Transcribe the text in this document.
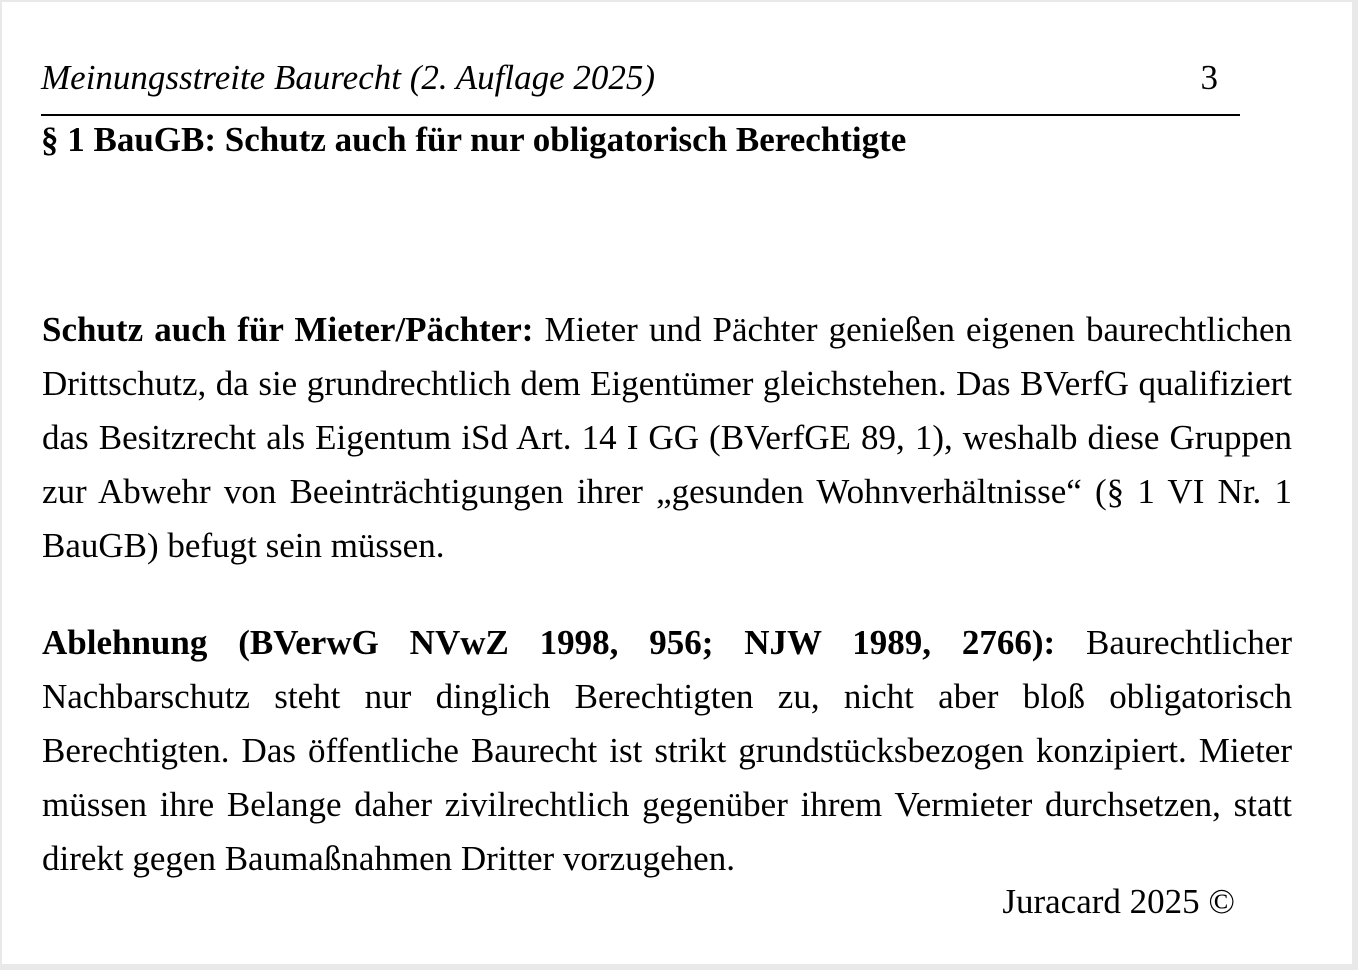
Meinungsstreite Baurecht (2. Auflage 2025)	3
§ 1 BauGB: Schutz auch für nur obligatorisch Berechtigte

Schutz auch für Mieter/Pächter: Mieter und Pächter genießen eigenen baurechtlichen Drittschutz, da sie grundrechtlich dem Eigentümer gleichstehen. Das BVerfG qualifiziert das Besitzrecht als Eigentum iSd Art. 14 I GG (BVerfGE 89, 1), weshalb diese Gruppen zur Abwehr von Beeinträchtigungen ihrer „gesunden Wohnverhältnisse“ (§ 1 VI Nr. 1 BauGB) befugt sein müssen.

Ablehnung (BVerwG NVwZ 1998, 956; NJW 1989, 2766): Baurechtlicher Nachbarschutz steht nur dinglich Berechtigten zu, nicht aber bloß obligatorisch Berechtigten. Das öffentliche Baurecht ist strikt grundstücksbezogen konzipiert. Mieter müssen ihre Belange daher zivilrechtlich gegenüber ihrem Vermieter durchsetzen, statt direkt gegen Baumaßnahmen Dritter vorzugehen.

Juracard 2025 ©
